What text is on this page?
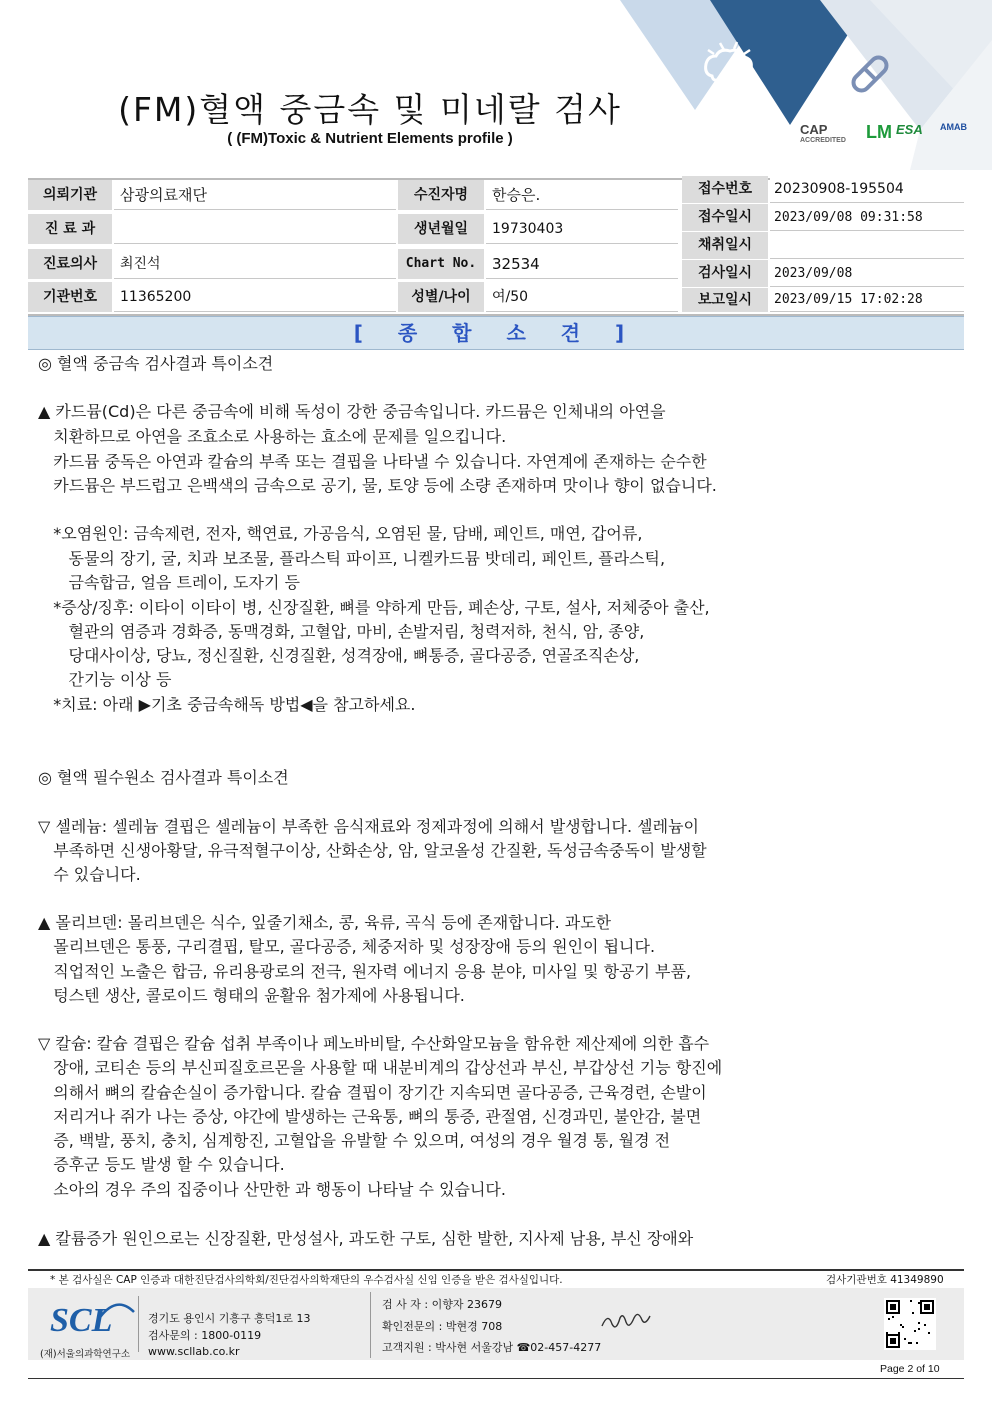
CAP
ACCREDITED LM ESA AMAB
(FM)혈액 중금속 및 미네랄 검사
( (FM)Toxic & Nutrient Elements profile )
의뢰기관	삼광의료재단
진 료 과
진료의사	최진석
기관번호	11365200
수진자명	한승은.
생년월일	19730403
Chart No.	32534
성별/나이	여/50
접수번호	20230908-195504
접수일시	2023/09/08 09:31:58
채취일시
검사일시	2023/09/08
보고일시	2023/09/15 17:02:28
[ 종 합 소 견 ]
◎ 혈액 중금속 검사결과 특이소견
▲ 카드뮴(Cd)은 다른 중금속에 비해 독성이 강한 중금속입니다. 카드뮴은 인체내의 아연을
치환하므로 아연을 조효소로 사용하는 효소에 문제를 일으킵니다.
카드뮴 중독은 아연과 칼슘의 부족 또는 결핍을 나타낼 수 있습니다. 자연계에 존재하는 순수한
카드뮴은 부드럽고 은백색의 금속으로 공기, 물, 토양 등에 소량 존재하며 맛이나 향이 없습니다.
*오염원인: 금속제련, 전자, 핵연료, 가공음식, 오염된 물, 담배, 페인트, 매연, 갑어류,
동물의 장기, 굴, 치과 보조물, 플라스틱 파이프, 니켈카드뮴 밧데리, 페인트, 플라스틱,
금속합금, 얼음 트레이, 도자기 등
*증상/징후: 이타이 이타이 병, 신장질환, 뼈를 약하게 만듬, 폐손상, 구토, 설사, 저체중아 출산,
혈관의 염증과 경화증, 동맥경화, 고혈압, 마비, 손발저림, 청력저하, 천식, 암, 종양,
당대사이상, 당뇨, 정신질환, 신경질환, 성격장애, 뼈통증, 골다공증, 연골조직손상,
간기능 이상 등
*치료: 아래 ▶기초 중금속해독 방법◀을 참고하세요.
◎ 혈액 필수원소 검사결과 특이소견
▽ 셀레늄: 셀레늄 결핍은 셀레늄이 부족한 음식재료와 정제과정에 의해서 발생합니다. 셀레늄이
부족하면 신생아황달, 유극적혈구이상, 산화손상, 암, 알코올성 간질환, 독성금속중독이 발생할
수 있습니다.
▲ 몰리브덴: 몰리브덴은 식수, 잎줄기채소, 콩, 육류, 곡식 등에 존재합니다. 과도한
몰리브덴은 통풍, 구리결핍, 탈모, 골다공증, 체중저하 및 성장장애 등의 원인이 됩니다.
직업적인 노출은 합금, 유리용광로의 전극, 원자력 에너지 응용 분야, 미사일 및 항공기 부품,
텅스텐 생산, 콜로이드 형태의 윤활유 첨가제에 사용됩니다.
▽ 칼슘: 칼슘 결핍은 칼슘 섭취 부족이나 페노바비탈, 수산화알모늄을 함유한 제산제에 의한 흡수
장애, 코티손 등의 부신피질호르몬을 사용할 때 내분비계의 갑상선과 부신, 부갑상선 기능 항진에
의해서 뼈의 칼슘손실이 증가합니다. 칼슘 결핍이 장기간 지속되면 골다공증, 근육경련, 손발이
저리거나 쥐가 나는 증상, 야간에 발생하는 근육통, 뼈의 통증, 관절염, 신경과민, 불안감, 불면
증, 백발, 풍치, 충치, 심계항진, 고혈압을 유발할 수 있으며, 여성의 경우 월경 통, 월경 전
증후군 등도 발생 할 수 있습니다.
소아의 경우 주의 집중이나 산만한 과 행동이 나타날 수 있습니다.
▲ 칼륨증가 원인으로는 신장질환, 만성설사, 과도한 구토, 심한 발한, 지사제 남용, 부신 장애와
* 본 검사실은 CAP 인증과 대한진단검사의학회/진단검사의학재단의 우수검사실 신임 인증을 받은 검사실입니다.	검사기관번호 41349890
SCL
(재)서울의과학연구소
경기도 용인시 기흥구 흥덕1로 13
검사문의 : 1800-0119
www.scllab.co.kr
검 사 자 : 이향자 23679
확인전문의 : 박현경 708
고객지원 : 박사현 서울강남 ☎02-457-4277
Page 2 of 10
